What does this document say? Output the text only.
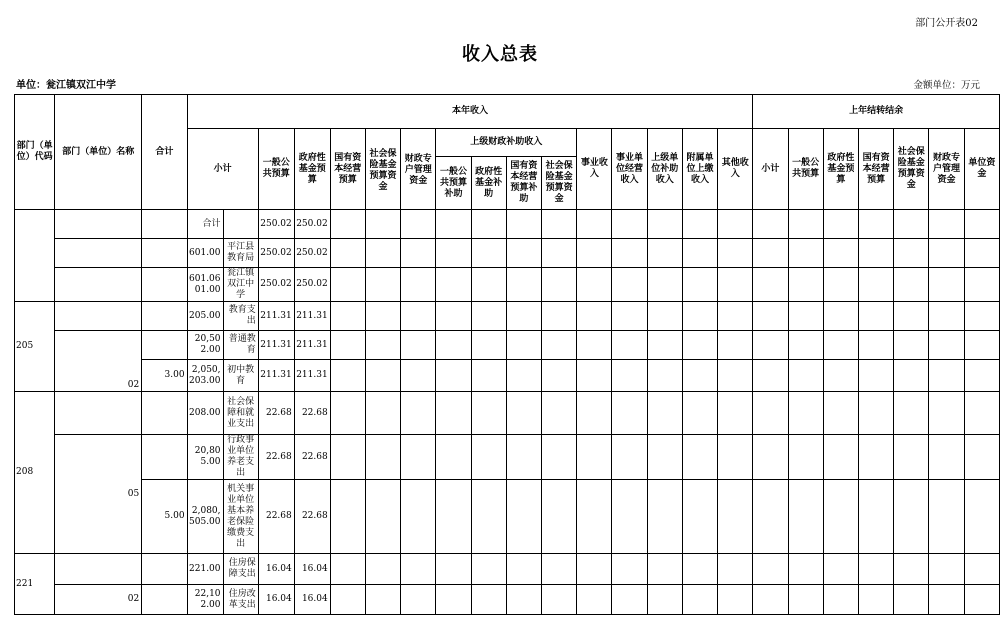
部门公开表02
收入总表
单位：瓮江镇双江中学	金额单位：万元
部门（单位）代码	部门（单位）名称	合计	本年收入																上年结转结余						
			小计		一般公共预算	政府性基金预算	国有资本经营预算	社会保险基金预算资金	财政专户管理资金	上级财政补助收入				事业收入	事业单位经营收入	上级单位补助收入	附属单位上缴收入	其他收入	小计	一般公共预算	政府性基金预算	国有资本经营预算	社会保险基金预算资金	财政专户管理资金	单位资金
										一般公共预算补助	政府性基金补助	国有资本经营预算补助	社会保险基金预算资金												
			合计		250.02	250.02																			
			601.00	平江县教育局	250.02	250.02																			
			601.06 01.00	瓮江镇双江中学	250.02	250.02																			
205			205.00	教育支出	211.31	211.31																			
	02		20,502.00	普通教育	211.31	211.31																			
		3.00	2,050,203.00	初中教育	211.31	211.31																			
208			208.00	社会保障和就业支出	22.68	22.68																			
	05		20,805.00	行政事业单位养老支出	22.68	22.68																			
		5.00	2,080,505.00	机关事业单位基本养老保险缴费支出	22.68	22.68																			
221			221.00	住房保障支出	16.04	16.04																			
	02		22,102.00	住房改革支出	16.04	16.04																			
